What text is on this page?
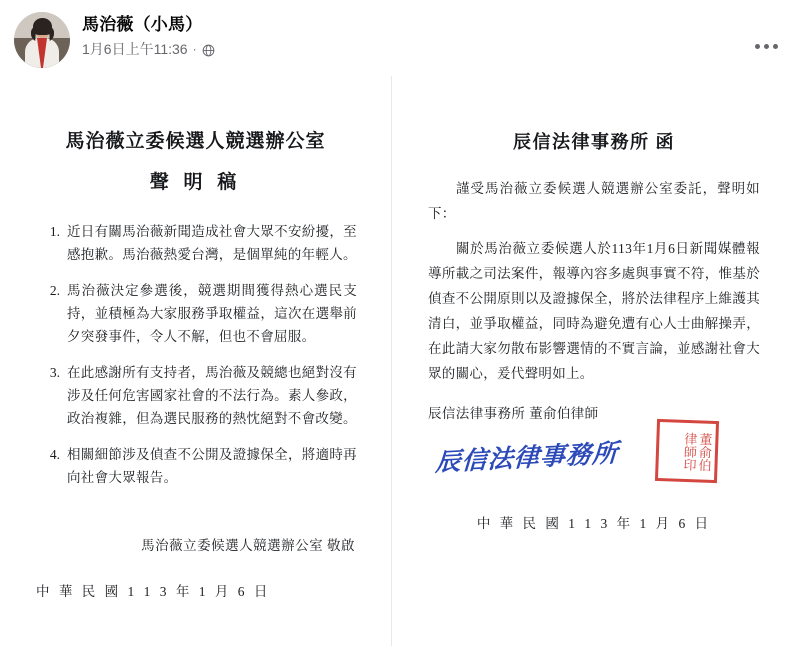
馬治薇（小馬）
1月6日上午11:36 ·
馬治薇立委候選人競選辦公室
聲 明 稿
1. 近日有關馬治薇新聞造成社會大眾不安紛擾，至感抱歉。馬治薇熱愛台灣，是個單純的年輕人。
2. 馬治薇決定參選後，競選期間獲得熱心選民支持，並積極為大家服務爭取權益，這次在選舉前夕突發事件，令人不解，但也不會屈服。
3. 在此感謝所有支持者，馬治薇及競總也絕對沒有涉及任何危害國家社會的不法行為。素人參政，政治複雜，但為選民服務的熱忱絕對不會改變。
4. 相關細節涉及偵查不公開及證據保全，將適時再向社會大眾報告。
馬治薇立委候選人競選辦公室 敬啟
中 華 民 國 1 1 3 年 1 月 6 日
辰信法律事務所 函
謹受馬治薇立委候選人競選辦公室委託，聲明如下：
關於馬治薇立委候選人於113年1月6日新聞媒體報導所載之司法案件，報導內容多處與事實不符，惟基於偵查不公開原則以及證據保全，將於法律程序上維護其清白，並爭取權益，同時為避免遭有心人士曲解操弄，在此請大家勿散布影響選情的不實言論，並感謝社會大眾的關心，爰代聲明如上。
辰信法律事務所 董俞伯律師
辰信法律事務所	董俞伯律師印
中 華 民 國 1 1 3 年 1 月 6 日
